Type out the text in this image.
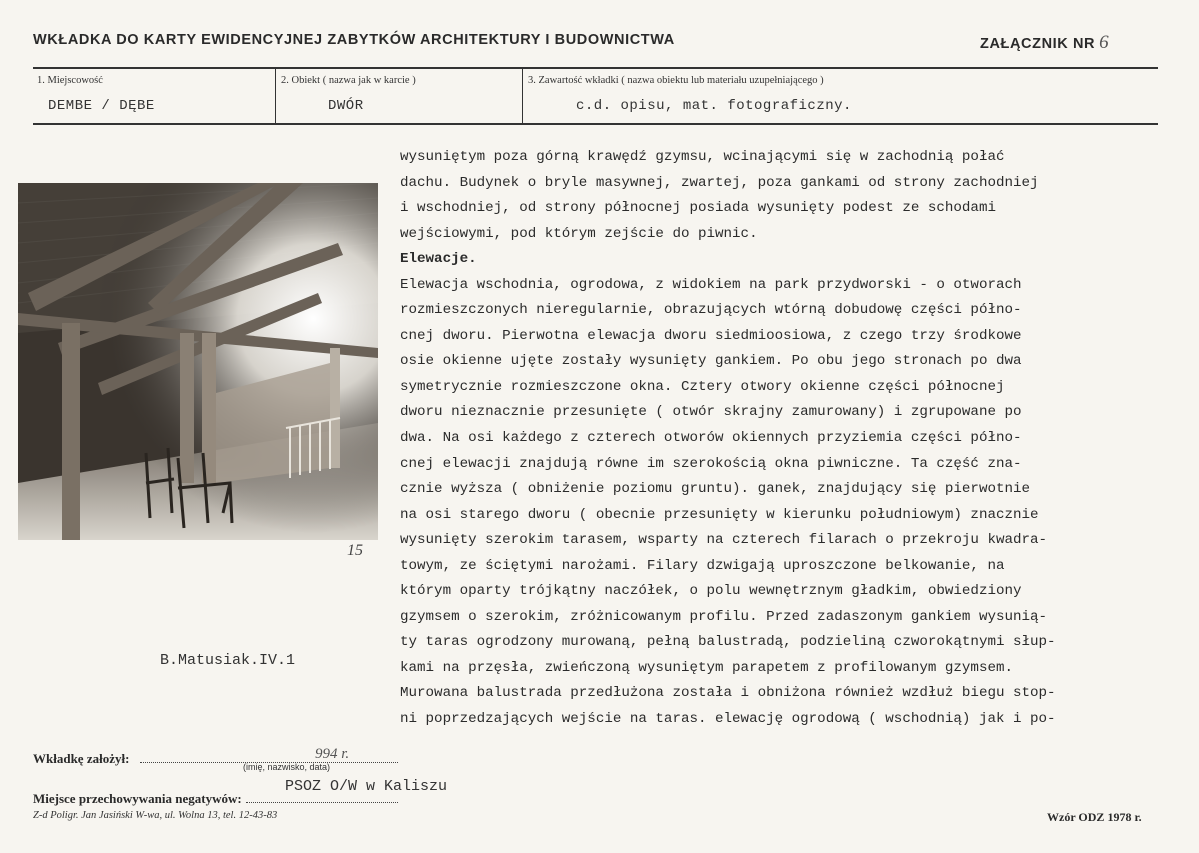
WKŁADKA DO KARTY EWIDENCYJNEJ ZABYTKÓW ARCHITEKTURY I BUDOWNICTWA	ZAŁĄCZNIK NR 6
1. Miejscowość
DEMBE / DĘBE
2. Obiekt ( nazwa jak w karcie )
DWÓR
3. Zawartość wkładki ( nazwa obiektu lub materiału uzupełniającego )
c.d. opisu, mat. fotograficzny.
15
B.Matusiak.IV.1
wysuniętym poza górną krawędź gzymsu, wcinającymi się w zachodnią połać
dachu. Budynek o bryle masywnej, zwartej, poza gankami od strony zachodniej
i wschodniej, od strony północnej posiada wysunięty podest ze schodami
wejściowymi, pod którym zejście do piwnic.
Elewacje.
Elewacja wschodnia, ogrodowa, z widokiem na park przydworski - o otworach
rozmieszczonych nieregularnie, obrazujących wtórną dobudowę części półno-
cnej dworu. Pierwotna elewacja dworu siedmioosiowa, z czego trzy środkowe
osie okienne ujęte zostały wysunięty gankiem. Po obu jego stronach po dwa
symetrycznie rozmieszczone okna. Cztery otwory okienne części północnej
dworu nieznacznie przesunięte ( otwór skrajny zamurowany) i zgrupowane po
dwa. Na osi każdego z czterech otworów okiennych przyziemia części półno-
cnej elewacji znajdują równe im szerokością okna piwniczne. Ta część zna-
cznie wyższa ( obniżenie poziomu gruntu). ganek, znajdujący się pierwotnie
na osi starego dworu ( obecnie przesunięty w kierunku południowym) znacznie
wysunięty szerokim tarasem, wsparty na czterech filarach o przekroju kwadra-
towym, ze ściętymi narożami. Filary dzwigają uproszczone belkowanie, na
którym oparty trójkątny naczółek, o polu wewnętrznym gładkim, obwiedziony
gzymsem o szerokim, zróżnicowanym profilu. Przed zadaszonym gankiem wysunią-
ty taras ogrodzony murowaną, pełną balustradą, podzieliną czworokątnymi słup-
kami na przęsła, zwieńczoną wysuniętym parapetem z profilowanym gzymsem.
Murowana balustrada przedłużona została i obniżona również wzdłuż biegu stop-
ni poprzedzających wejście na taras. elewację ogrodową ( wschodnią) jak i po-
Wkładkę założył:	994 r.
(imię, nazwisko, data)
Miejsce przechowywania negatywów:
PSOZ O/W w Kaliszu
Z-d Poligr. Jan Jasiński W-wa, ul. Wolna 13, tel. 12-43-83	Wzór ODZ 1978 r.
